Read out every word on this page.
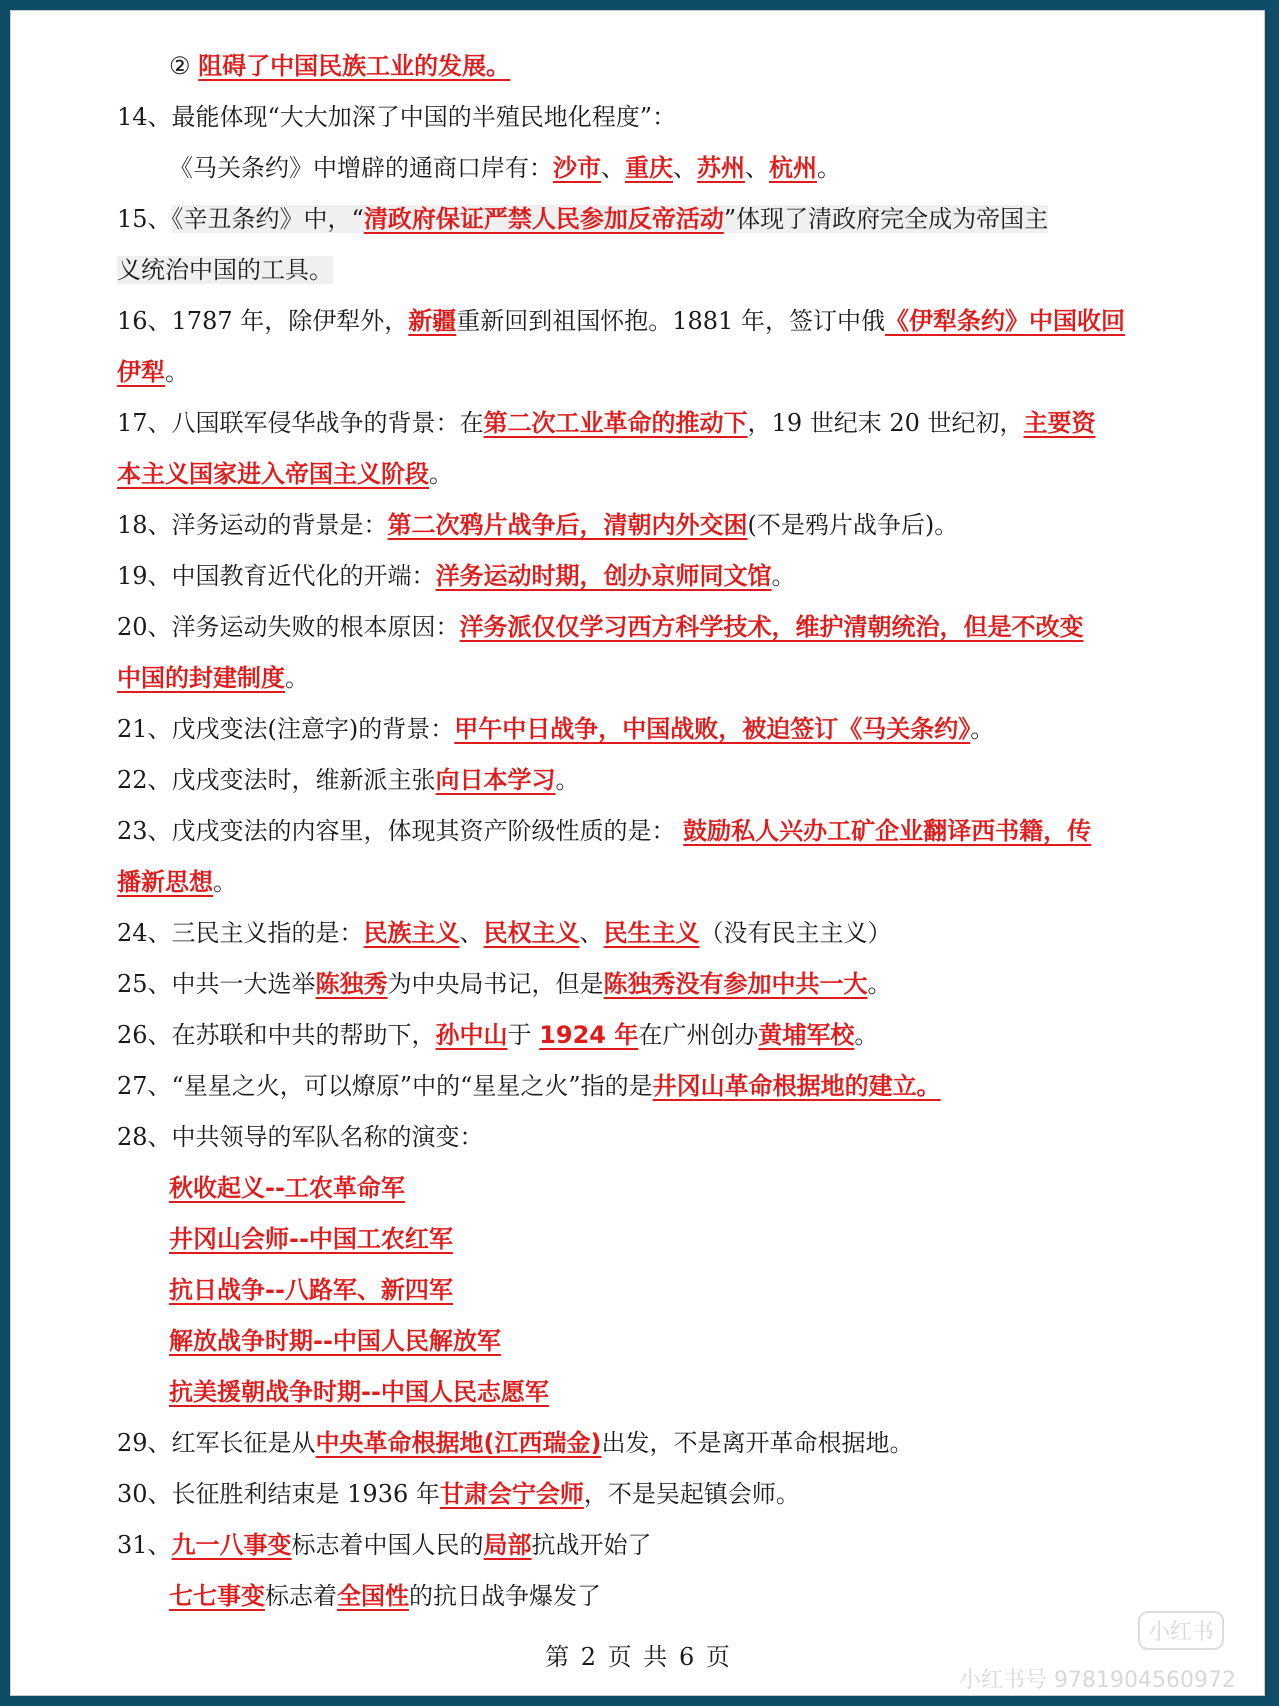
② 阻碍了中国民族工业的发展。
14、最能体现“大大加深了中国的半殖民地化程度”：
《马关条约》中增辟的通商口岸有：沙市、重庆、苏州、杭州。
15、《辛丑条约》中，“清政府保证严禁人民参加反帝活动”体现了清政府完全成为帝国主
义统治中国的工具。
16、1787 年，除伊犁外，新疆重新回到祖国怀抱。1881 年，签订中俄《伊犁条约》中国收回
伊犁。
17、八国联军侵华战争的背景：在第二次工业革命的推动下，19 世纪末 20 世纪初，主要资
本主义国家进入帝国主义阶段。
18、洋务运动的背景是：第二次鸦片战争后，清朝内外交困(不是鸦片战争后)。
19、中国教育近代化的开端：洋务运动时期，创办京师同文馆。
20、洋务运动失败的根本原因：洋务派仅仅学习西方科学技术，维护清朝统治，但是不改变
中国的封建制度。
21、戊戌变法(注意字)的背景：甲午中日战争，中国战败，被迫签订《马关条约》。
22、戊戌变法时，维新派主张向日本学习。
23、戊戌变法的内容里，体现其资产阶级性质的是： 鼓励私人兴办工矿企业翻译西书籍，传
播新思想。
24、三民主义指的是：民族主义、民权主义、民生主义（没有民主主义）
25、中共一大选举陈独秀为中央局书记，但是陈独秀没有参加中共一大。
26、在苏联和中共的帮助下，孙中山于 1924 年在广州创办黄埔军校。
27、“星星之火，可以燎原”中的“星星之火”指的是井冈山革命根据地的建立。
28、中共领导的军队名称的演变：
秋收起义--工农革命军
井冈山会师--中国工农红军
抗日战争--八路军、新四军
解放战争时期--中国人民解放军
抗美援朝战争时期--中国人民志愿军
29、红军长征是从中央革命根据地(江西瑞金)出发，不是离开革命根据地。
30、长征胜利结束是 1936 年甘肃会宁会师，不是吴起镇会师。
31、九一八事变标志着中国人民的局部抗战开始了
七七事变标志着全国性的抗日战争爆发了
第 2 页 共 6 页
小红书
小红书号 9781904560972
